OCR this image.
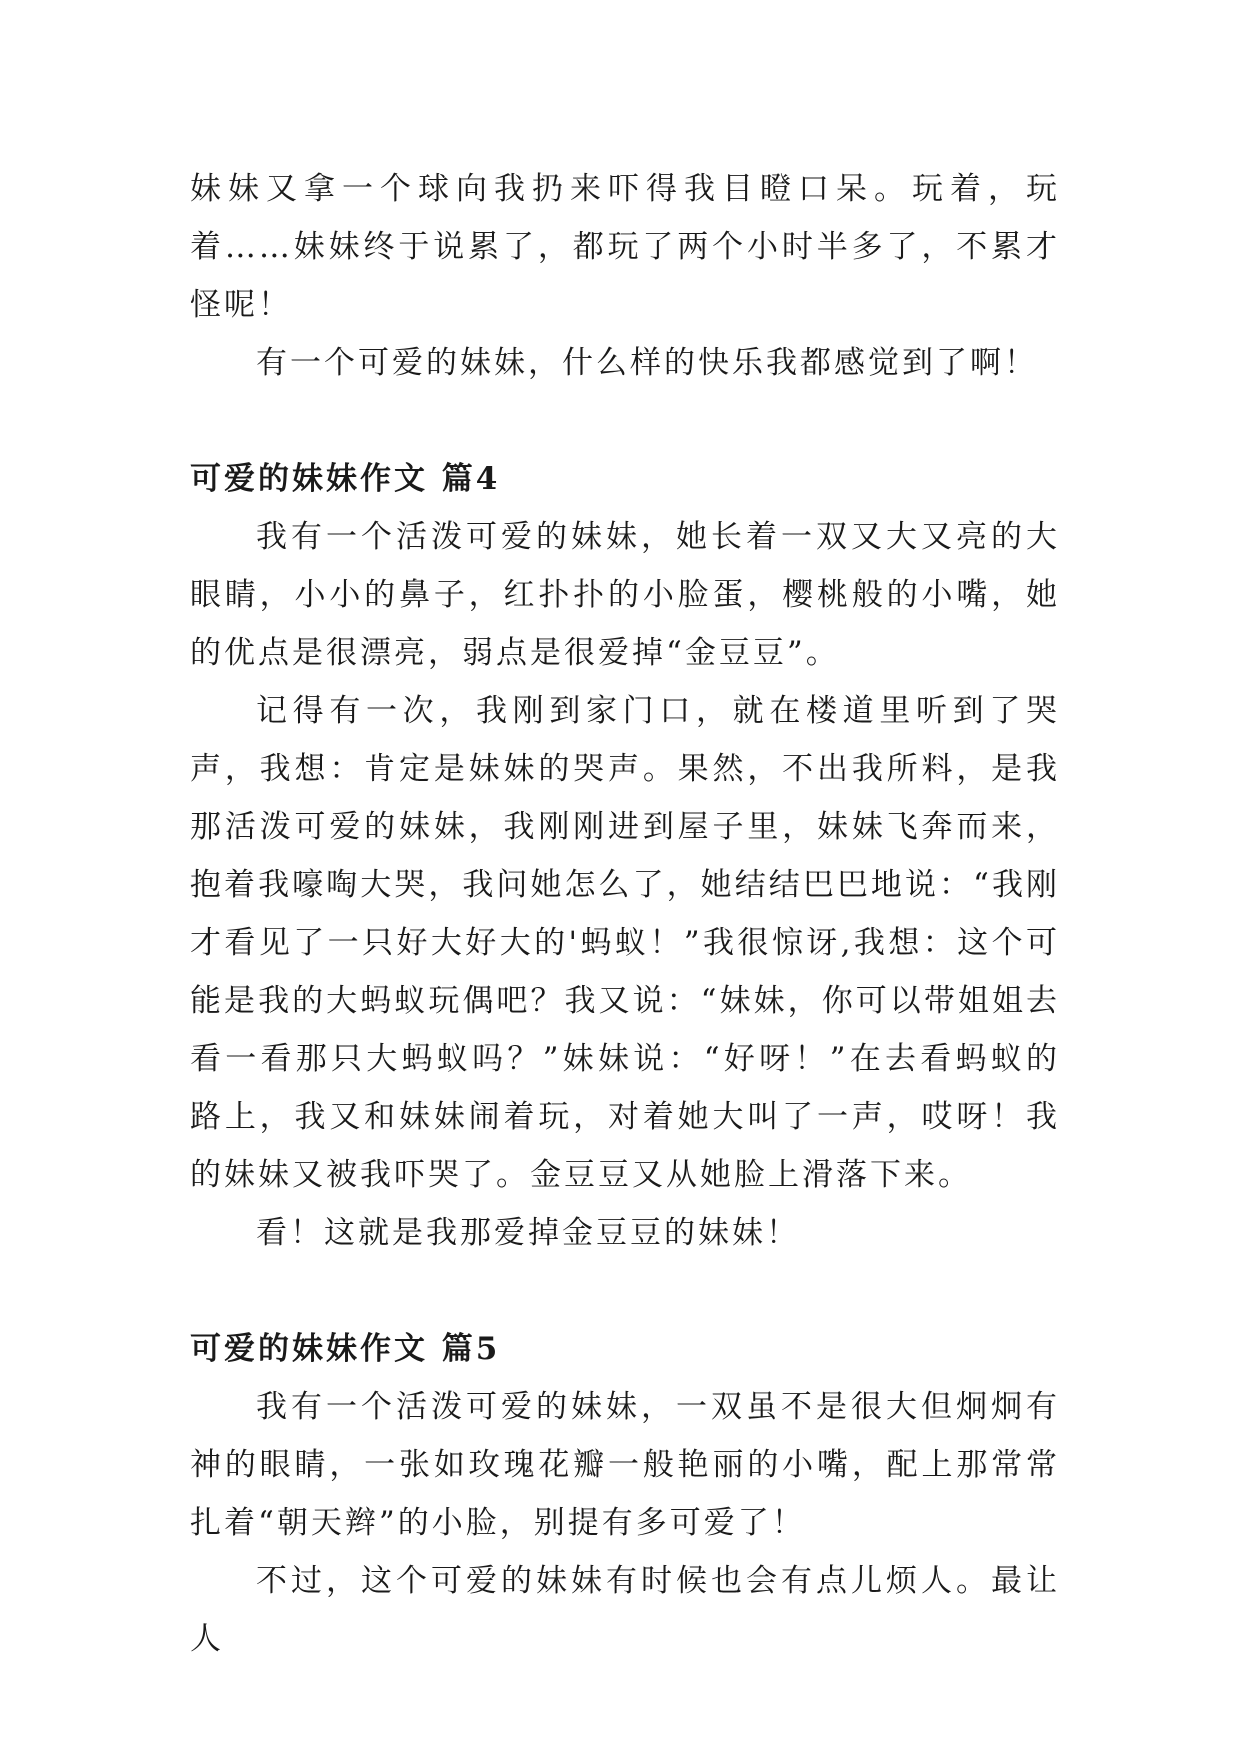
妹妹又拿一个球向我扔来吓得我目瞪口呆。玩着，玩着……妹妹终于说累了，都玩了两个小时半多了，不累才怪呢！

有一个可爱的妹妹，什么样的快乐我都感觉到了啊！

可爱的妹妹作文 篇4

我有一个活泼可爱的妹妹，她长着一双又大又亮的大眼睛，小小的鼻子，红扑扑的小脸蛋，樱桃般的小嘴，她的优点是很漂亮，弱点是很爱掉“金豆豆”。

记得有一次，我刚到家门口，就在楼道里听到了哭声，我想：肯定是妹妹的哭声。果然，不出我所料，是我那活泼可爱的妹妹，我刚刚进到屋子里，妹妹飞奔而来，抱着我嚎啕大哭，我问她怎么了，她结结巴巴地说：“我刚才看见了一只好大好大的'蚂蚁！”我很惊讶,我想：这个可能是我的大蚂蚁玩偶吧？我又说：“妹妹，你可以带姐姐去看一看那只大蚂蚁吗？”妹妹说：“好呀！”在去看蚂蚁的路上，我又和妹妹闹着玩，对着她大叫了一声，哎呀！我的妹妹又被我吓哭了。金豆豆又从她脸上滑落下来。

看！这就是我那爱掉金豆豆的妹妹！

可爱的妹妹作文 篇5

我有一个活泼可爱的妹妹，一双虽不是很大但炯炯有神的眼睛，一张如玫瑰花瓣一般艳丽的小嘴，配上那常常扎着“朝天辫”的小脸，别提有多可爱了！

不过，这个可爱的妹妹有时候也会有点儿烦人。最让人
